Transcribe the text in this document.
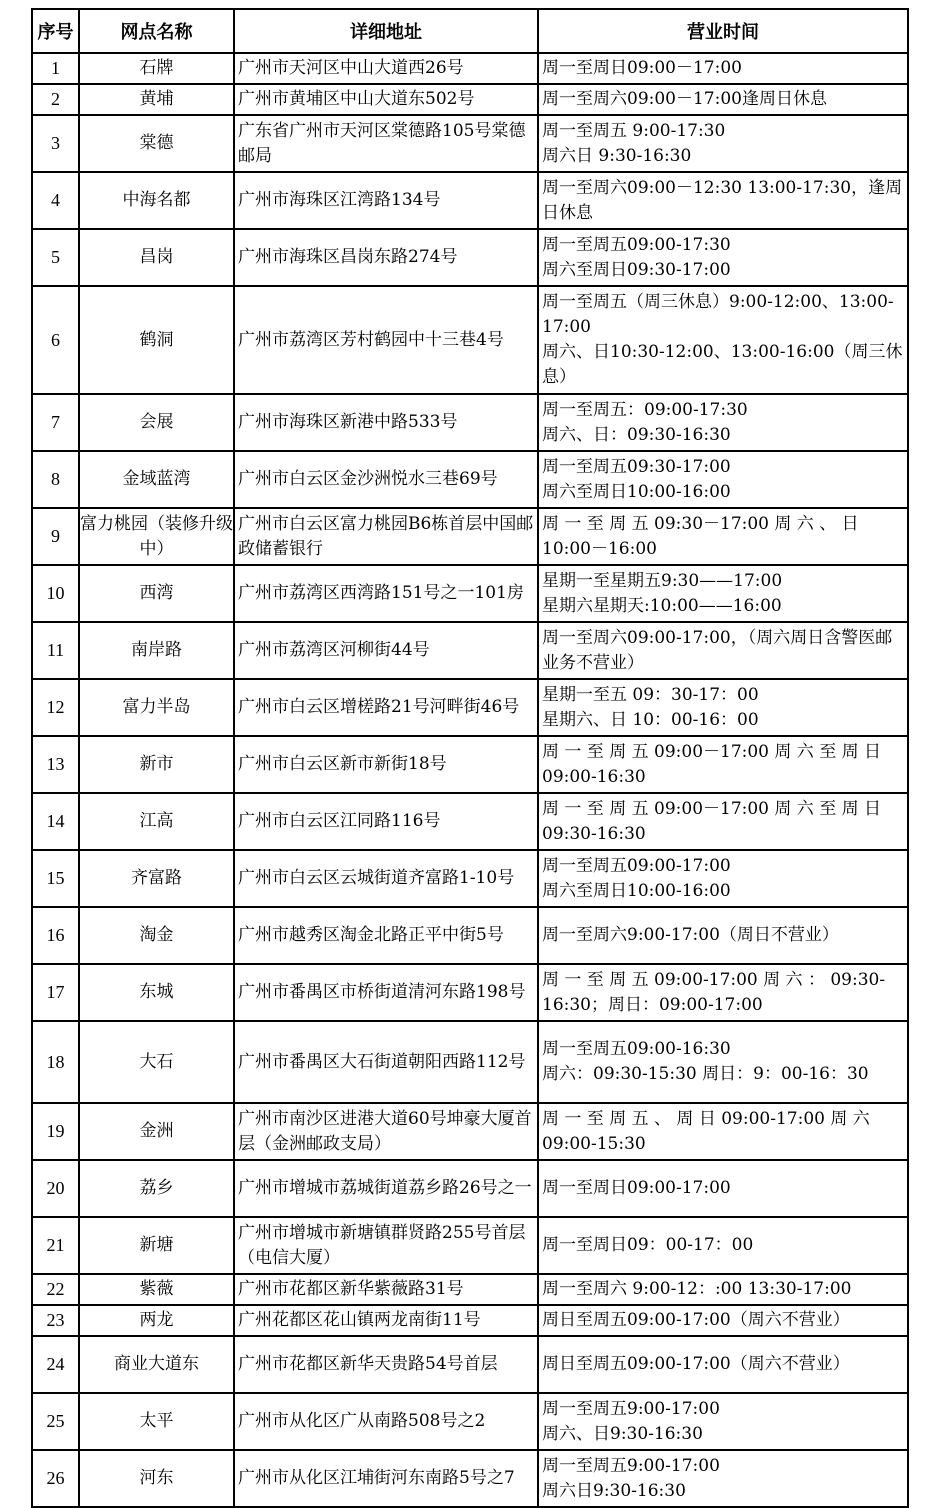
序号	网点名称	详细地址	营业时间
1	石牌	广州市天河区中山大道西26号	周一至周日09:00－17:00
2	黄埔	广州市黄埔区中山大道东502号	周一至周六09:00－17:00逢周日休息
3	棠德	广东省广州市天河区棠德路105号棠德邮局	周一至周五 9:00-17:30
周六日 9:30-16:30
4	中海名都	广州市海珠区江湾路134号	周一至周六09:00－12:30 13:00-17:30，逢周日休息
5	昌岗	广州市海珠区昌岗东路274号	周一至周五09:00-17:30
周六至周日09:30-17:00
6	鹤洞	广州市荔湾区芳村鹤园中十三巷4号	周一至周五（周三休息）9:00-12:00、13:00-17:00
周六、日10:30-12:00、13:00-16:00（周三休息）
7	会展	广州市海珠区新港中路533号	周一至周五：09:00-17:30
周六、日：09:30-16:30
8	金域蓝湾	广州市白云区金沙洲悦水三巷69号	周一至周五09:30-17:00
周六至周日10:00-16:00
9	富力桃园（装修升级中）	广州市白云区富力桃园B6栋首层中国邮政储蓄银行	周 一 至 周 五 09:30－17:00 周 六 、 日10:00－16:00
10	西湾	广州市荔湾区西湾路151号之一101房	星期一至星期五9:30——17:00
星期六星期天:10:00——16:00
11	南岸路	广州市荔湾区河柳街44号	周一至周六09:00-17:00，（周六周日含警医邮业务不营业）
12	富力半岛	广州市白云区增槎路21号河畔街46号	星期一至五 09：30-17：00
星期六、日 10：00-16：00
13	新市	广州市白云区新市新街18号	周 一 至 周 五 09:00－17:00 周 六 至 周 日09:00-16:30
14	江高	广州市白云区江同路116号	周 一 至 周 五 09:00－17:00 周 六 至 周 日09:30-16:30
15	齐富路	广州市白云区云城街道齐富路1-10号	周一至周五09:00-17:00
周六至周日10:00-16:00
16	淘金	广州市越秀区淘金北路正平中街5号	周一至周六9:00-17:00（周日不营业）
17	东城	广州市番禺区市桥街道清河东路198号	周 一 至 周 五 09:00-17:00 周 六 ： 09:30-16:30；周日：09:00-17:00
18	大石	广州市番禺区大石街道朝阳西路112号	周一至周五09:00-16:30
周六：09:30-15:30 周日：9：00-16：30
19	金洲	广州市南沙区进港大道60号坤豪大厦首层（金洲邮政支局）	周 一 至 周 五 、 周 日 09:00-17:00 周 六09:00-15:30
20	荔乡	广州市增城市荔城街道荔乡路26号之一	周一至周日09:00-17:00
21	新塘	广州市增城市新塘镇群贤路255号首层（电信大厦）	周一至周日09：00-17：00
22	紫薇	广州市花都区新华紫薇路31号	周一至周六 9:00-12：:00 13:30-17:00
23	两龙	广州花都区花山镇两龙南街11号	周日至周五09:00-17:00（周六不营业）
24	商业大道东	广州市花都区新华天贵路54号首层	周日至周五09:00-17:00（周六不营业）
25	太平	广州市从化区广从南路508号之2	周一至周五9:00-17:00
周六、日9:30-16:30
26	河东	广州市从化区江埔街河东南路5号之7	周一至周五9:00-17:00
周六日9:30-16:30
